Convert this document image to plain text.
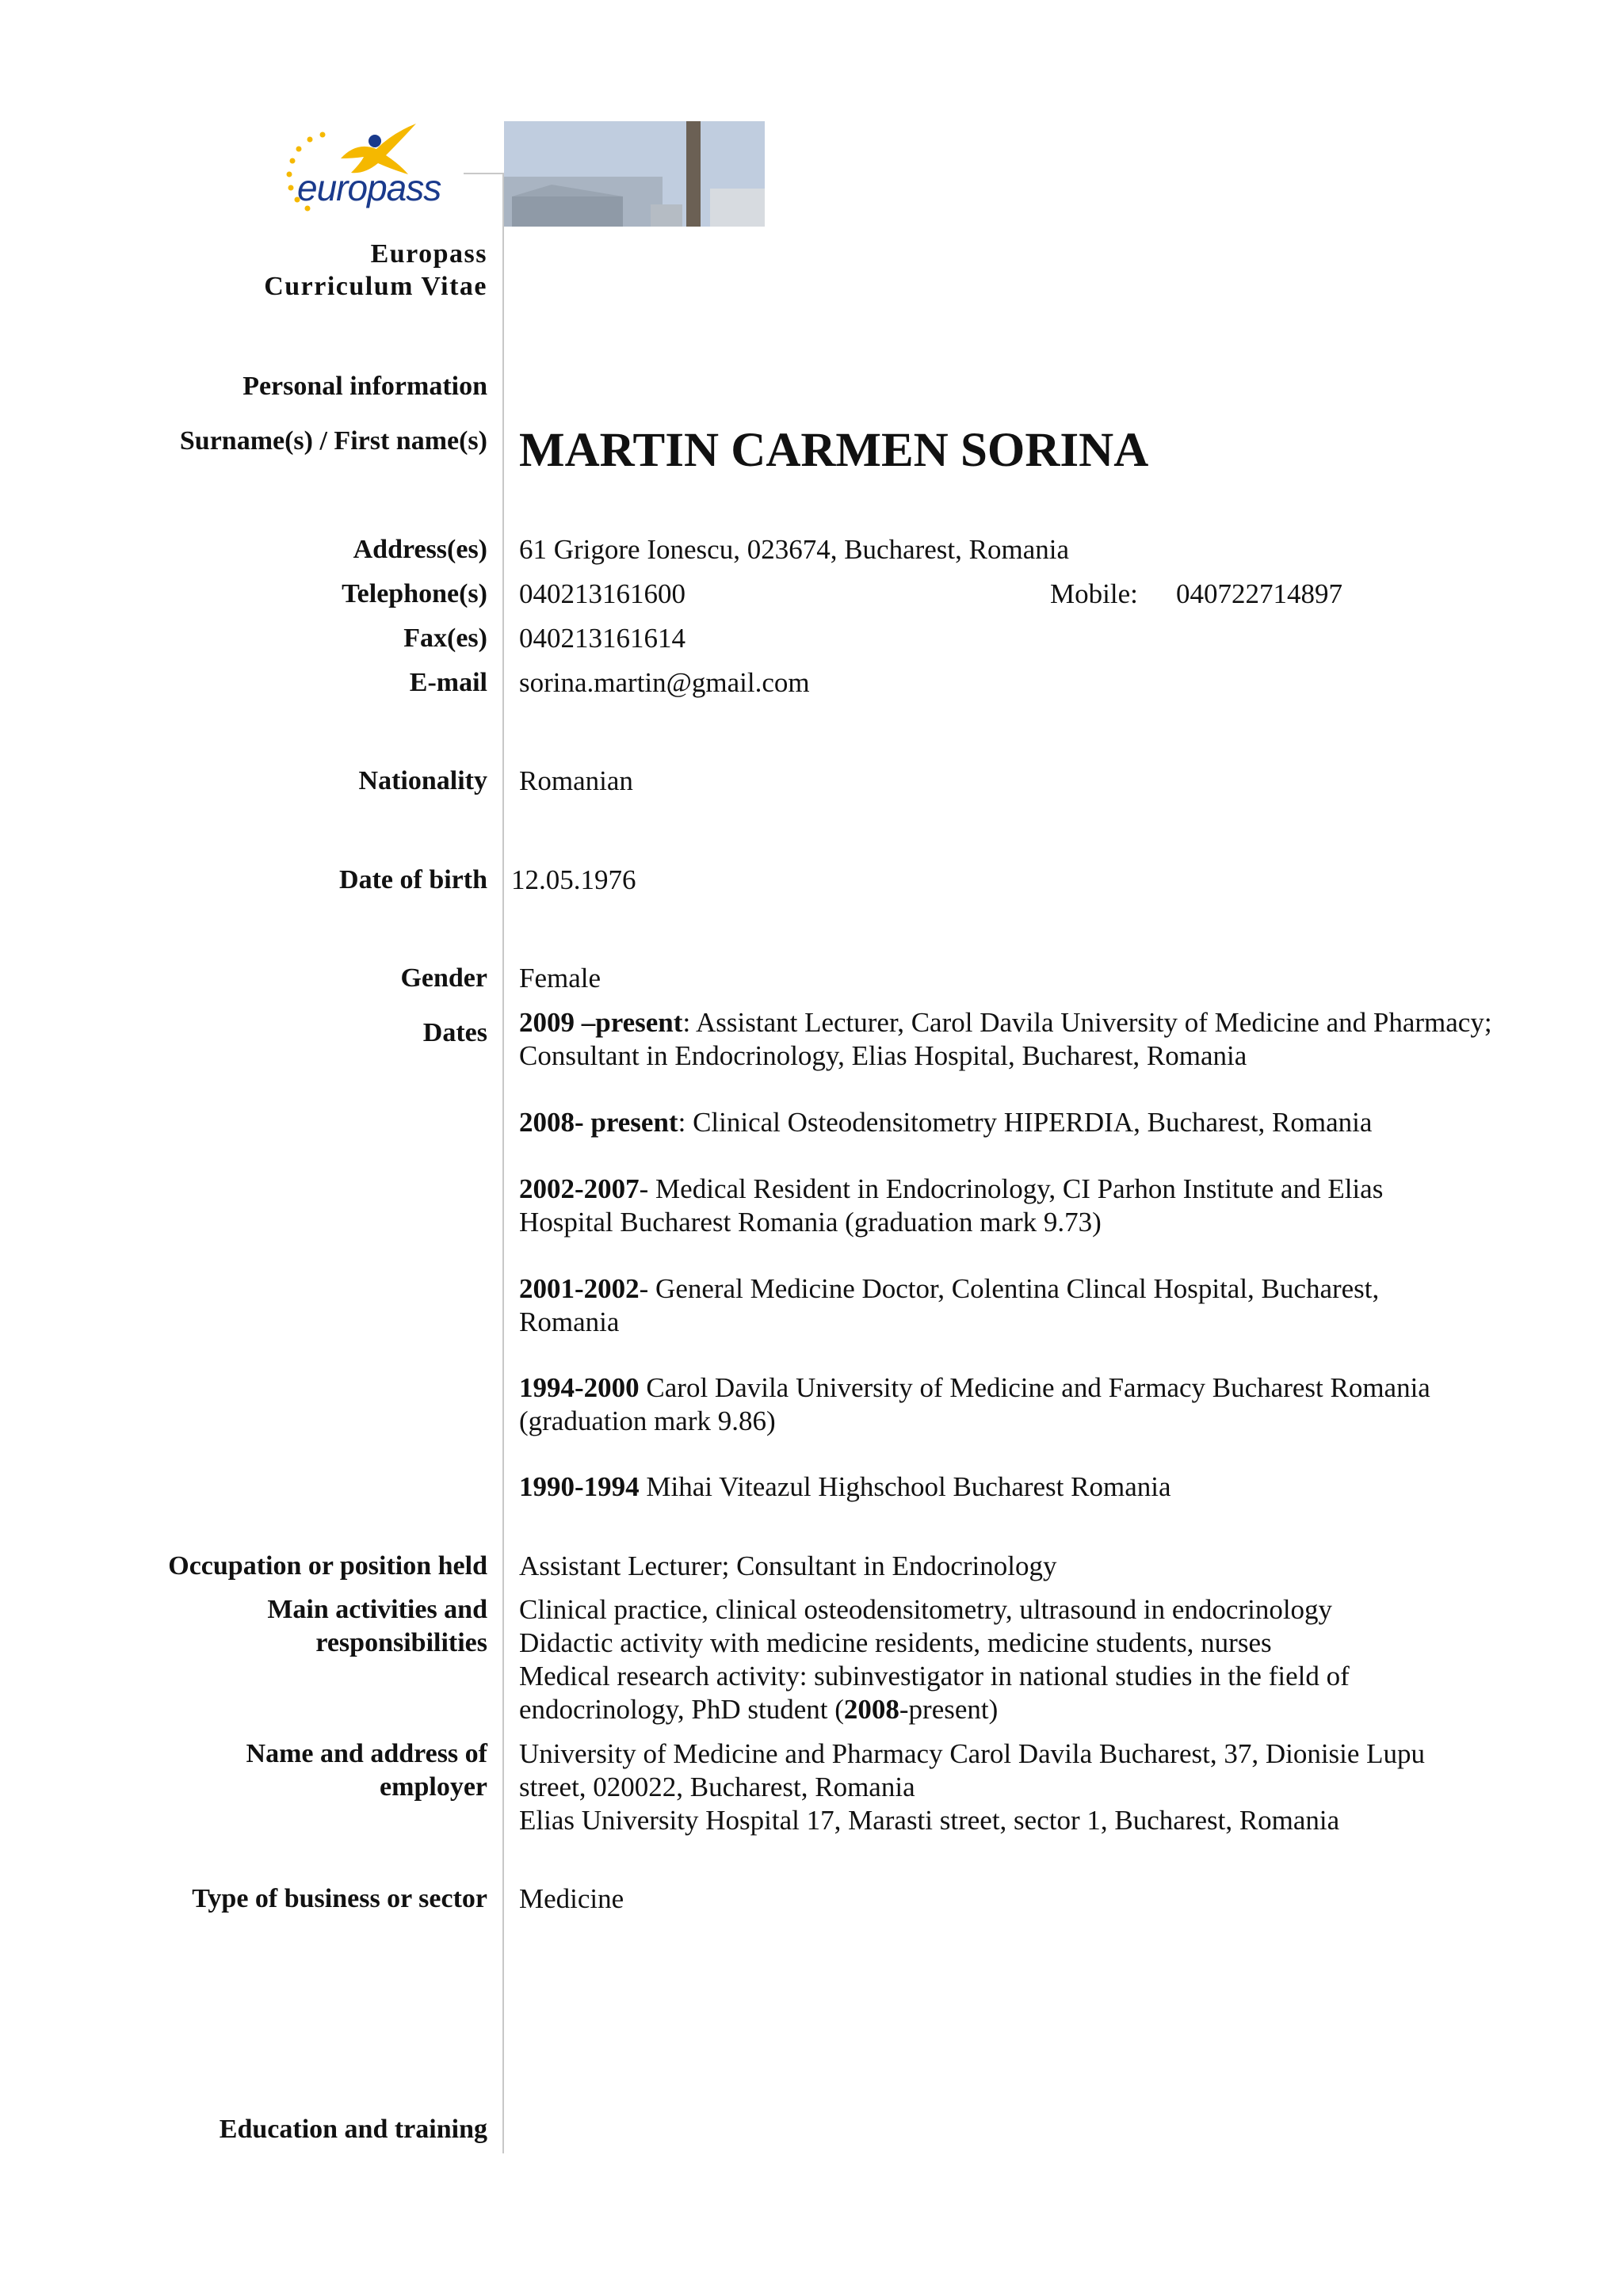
europass
Europass
Curriculum Vitae
Personal information
Surname(s) / First name(s) MARTIN CARMEN SORINA
Address(es) 61 Grigore Ionescu, 023674, Bucharest, Romania
Telephone(s) 040213161600	Mobile: 040722714897
Fax(es) 040213161614
E-mail sorina.martin@gmail.com
Nationality Romanian
Date of birth 12.05.1976
Gender Female
Dates 2009 –present: Assistant Lecturer, Carol Davila University of Medicine and Pharmacy; Consultant in Endocrinology, Elias Hospital, Bucharest, Romania
2008- present: Clinical Osteodensitometry HIPERDIA, Bucharest, Romania
2002-2007- Medical Resident in Endocrinology, CI Parhon Institute and Elias Hospital Bucharest Romania (graduation mark 9.73)
2001-2002- General Medicine Doctor, Colentina Clincal Hospital, Bucharest, Romania
1994-2000 Carol Davila University of Medicine and Farmacy Bucharest Romania (graduation mark 9.86)
1990-1994 Mihai Viteazul Highschool Bucharest Romania
Occupation or position held Assistant Lecturer; Consultant in Endocrinology
Main activities and
responsibilities
Clinical practice, clinical osteodensitometry, ultrasound in endocrinology
Didactic activity with medicine residents, medicine students, nurses
Medical research activity: subinvestigator in national studies in the field of
endocrinology, PhD student (2008-present)
Name and address of
employer
University of Medicine and Pharmacy Carol Davila Bucharest, 37, Dionisie Lupu
street, 020022, Bucharest, Romania
Elias University Hospital 17, Marasti street, sector 1, Bucharest, Romania
Type of business or sector Medicine
Education and training
